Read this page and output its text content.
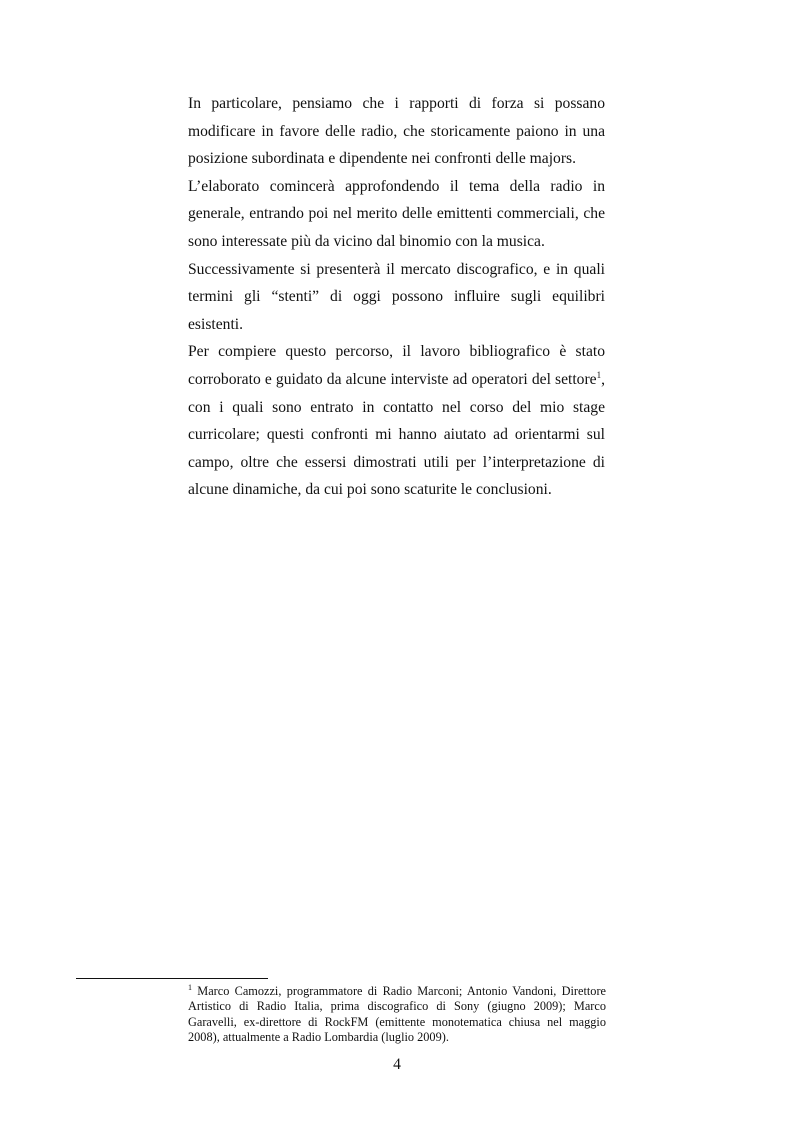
In particolare, pensiamo che i rapporti di forza si possano modificare in favore delle radio, che storicamente paiono in una posizione subordinata e dipendente nei confronti delle majors.

L’elaborato comincerà approfondendo il tema della radio in generale, entrando poi nel merito delle emittenti commerciali, che sono interessate più da vicino dal binomio con la musica.

Successivamente si presenterà il mercato discografico, e in quali termini gli “stenti” di oggi possono influire sugli equilibri esistenti.

Per compiere questo percorso, il lavoro bibliografico è stato corroborato e guidato da alcune interviste ad operatori del settore$^1$, con i quali sono entrato in contatto nel corso del mio stage curricolare; questi confronti mi hanno aiutato ad orientarmi sul campo, oltre che essersi dimostrati utili per l’interpretazione di alcune dinamiche, da cui poi sono scaturite le conclusioni.

$^1$ Marco Camozzi, programmatore di Radio Marconi; Antonio Vandoni, Direttore Artistico di Radio Italia, prima discografico di Sony (giugno 2009); Marco Garavelli, ex-direttore di RockFM (emittente monotematica chiusa nel maggio 2008), attualmente a Radio Lombardia (luglio 2009).
4
